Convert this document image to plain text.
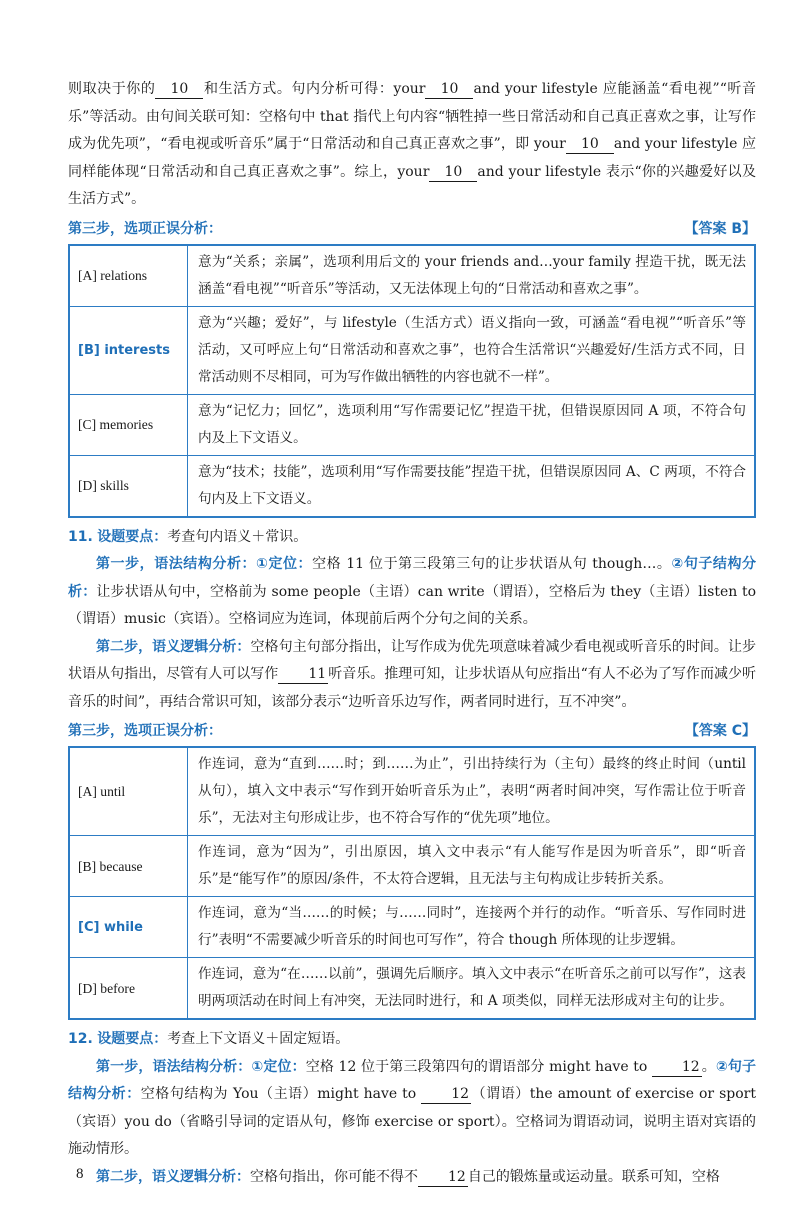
则取决于你的 10 和生活方式。句内分析可得：your 10 and your lifestyle 应能涵盖“看电视”“听音乐”等活动。由句间关联可知：空格句中 that 指代上句内容“牺牲掉一些日常活动和自己真正喜欢之事，让写作成为优先项”，“看电视或听音乐”属于“日常活动和自己真正喜欢之事”，即 your 10 and your lifestyle 应同样能体现“日常活动和自己真正喜欢之事”。综上，your 10 and your lifestyle 表示“你的兴趣爱好以及生活方式”。

第三步，选项正误分析：	【答案 B】
[A] relations	意为“关系；亲属”，选项利用后文的 your friends and…your family 捏造干扰，既无法涵盖“看电视”“听音乐”等活动，又无法体现上句的“日常活动和喜欢之事”。
[B] interests	意为“兴趣；爱好”，与 lifestyle（生活方式）语义指向一致，可涵盖“看电视”“听音乐”等活动，又可呼应上句“日常活动和喜欢之事”，也符合生活常识“兴趣爱好/生活方式不同，日常活动则不尽相同，可为写作做出牺牲的内容也就不一样”。
[C] memories	意为“记忆力；回忆”，选项利用“写作需要记忆”捏造干扰，但错误原因同 A 项，不符合句内及上下文语义。
[D] skills	意为“技术；技能”，选项利用“写作需要技能”捏造干扰，但错误原因同 A、C 两项，不符合句内及上下文语义。

11. 设题要点：考查句内语义＋常识。

第一步，语法结构分析：①定位：空格 11 位于第三段第三句的让步状语从句 though…。②句子结构分析：让步状语从句中，空格前为 some people（主语）can write（谓语），空格后为 they（主语）listen to（谓语）music（宾语）。空格词应为连词，体现前后两个分句之间的关系。

第二步，语义逻辑分析：空格句主句部分指出，让写作成为优先项意味着减少看电视或听音乐的时间。让步状语从句指出，尽管有人可以写作 11 听音乐。推理可知，让步状语从句应指出“有人不必为了写作而减少听音乐的时间”，再结合常识可知，该部分表示“边听音乐边写作，两者同时进行，互不冲突”。

第三步，选项正误分析：	【答案 C】
[A] until	作连词，意为“直到……时；到……为止”，引出持续行为（主句）最终的终止时间（until 从句），填入文中表示“写作到开始听音乐为止”，表明“两者时间冲突，写作需让位于听音乐”，无法对主句形成让步，也不符合写作的“优先项”地位。
[B] because	作连词，意为“因为”，引出原因，填入文中表示“有人能写作是因为听音乐”，即“听音乐”是“能写作”的原因/条件，不太符合逻辑，且无法与主句构成让步转折关系。
[C] while	作连词，意为“当……的时候；与……同时”，连接两个并行的动作。“听音乐、写作同时进行”表明“不需要减少听音乐的时间也可写作”，符合 though 所体现的让步逻辑。
[D] before	作连词，意为“在……以前”，强调先后顺序。填入文中表示“在听音乐之前可以写作”，这表明两项活动在时间上有冲突，无法同时进行，和 A 项类似，同样无法形成对主句的让步。

12. 设题要点：考查上下文语义＋固定短语。

第一步，语法结构分析：①定位：空格 12 位于第三段第四句的谓语部分 might have to 12 。②句子结构分析：空格句结构为 You（主语）might have to	12 （谓语）the amount of exercise or sport（宾语）you do（省略引导词的定语从句，修饰 exercise or sport）。空格词为谓语动词，说明主语对宾语的施动情形。

第二步，语义逻辑分析：空格句指出，你可能不得不 12 自己的锻炼量或运动量。联系可知，空格

8
